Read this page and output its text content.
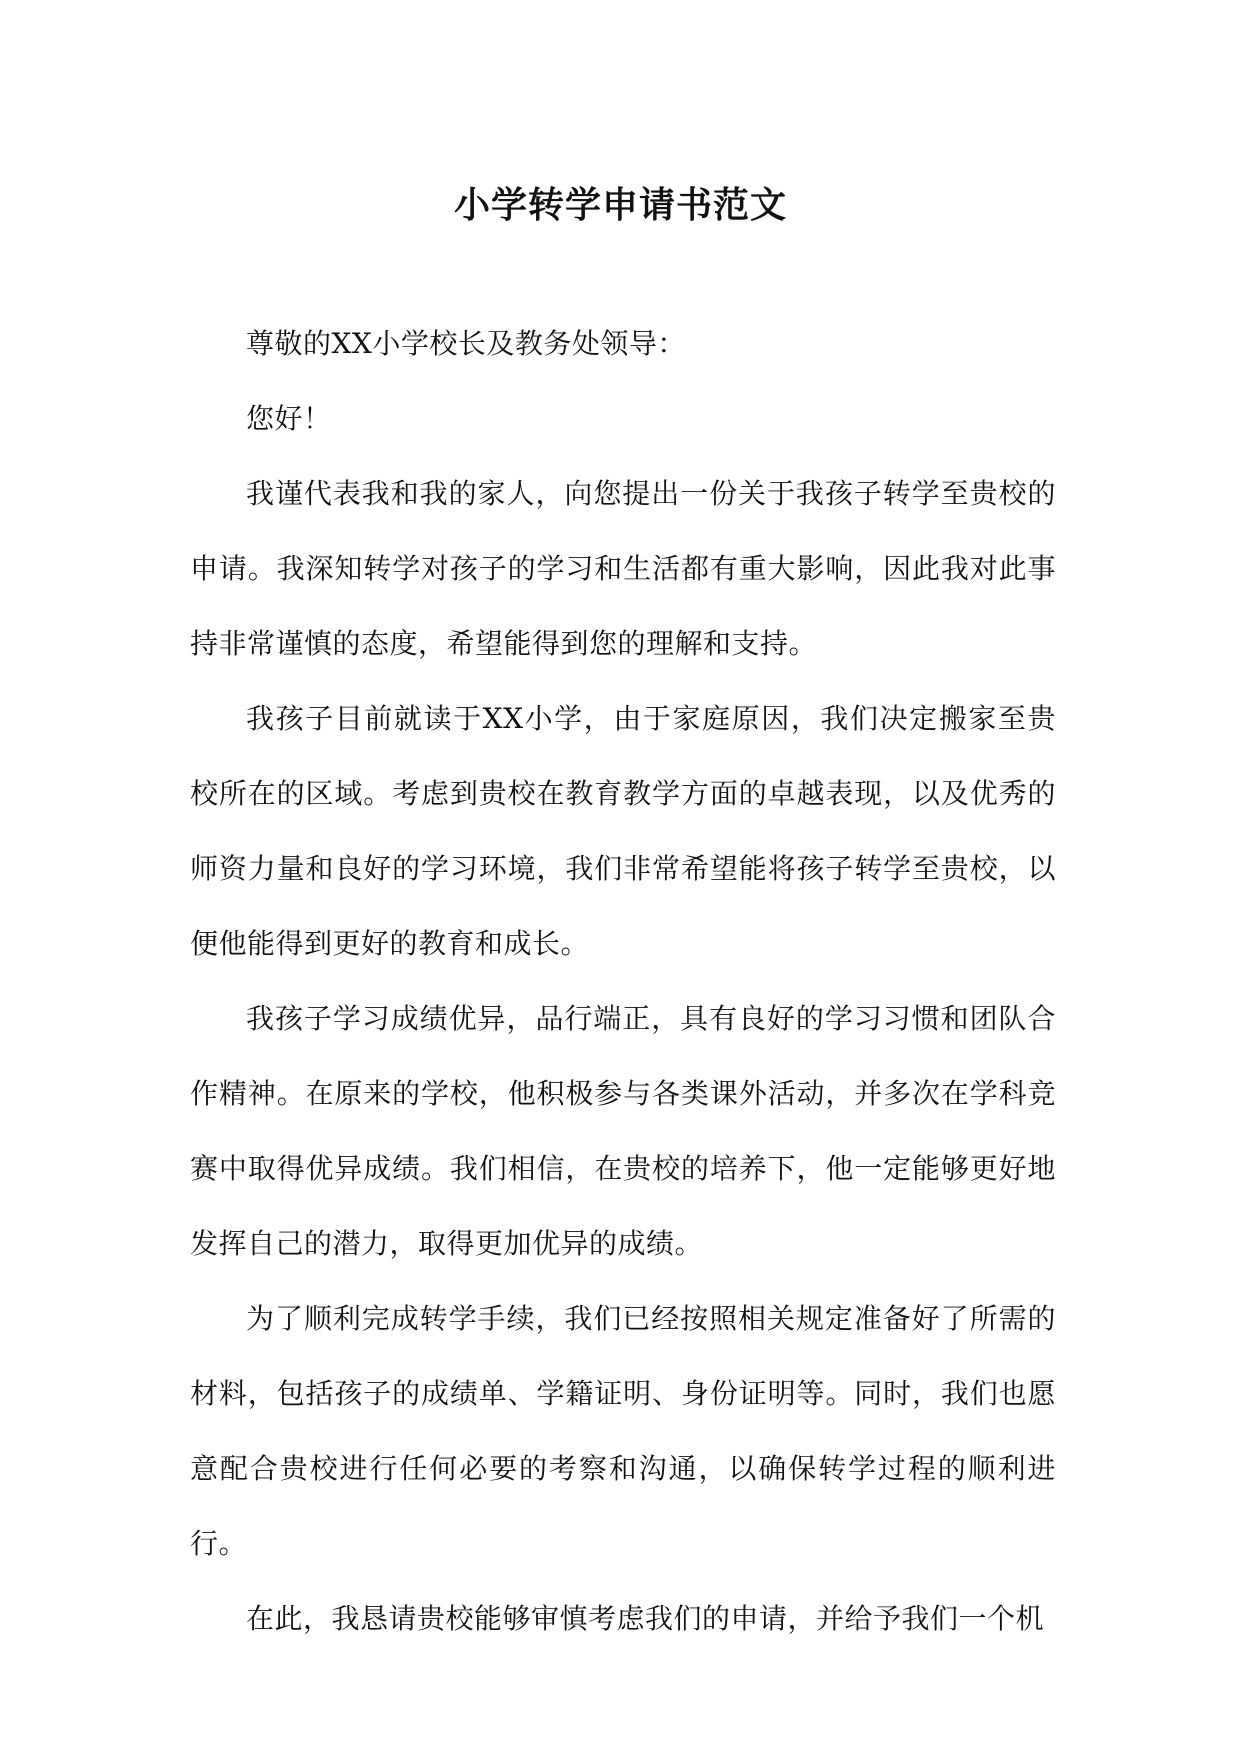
小学转学申请书范文

尊敬的XX小学校长及教务处领导：

您好！

我谨代表我和我的家人，向您提出一份关于我孩子转学至贵校的申请。我深知转学对孩子的学习和生活都有重大影响，因此我对此事持非常谨慎的态度，希望能得到您的理解和支持。

我孩子目前就读于XX小学，由于家庭原因，我们决定搬家至贵校所在的区域。考虑到贵校在教育教学方面的卓越表现，以及优秀的师资力量和良好的学习环境，我们非常希望能将孩子转学至贵校，以便他能得到更好的教育和成长。

我孩子学习成绩优异，品行端正，具有良好的学习习惯和团队合作精神。在原来的学校，他积极参与各类课外活动，并多次在学科竞赛中取得优异成绩。我们相信，在贵校的培养下，他一定能够更好地发挥自己的潜力，取得更加优异的成绩。

为了顺利完成转学手续，我们已经按照相关规定准备好了所需的材料，包括孩子的成绩单、学籍证明、身份证明等。同时，我们也愿意配合贵校进行任何必要的考察和沟通，以确保转学过程的顺利进行。

在此，我恳请贵校能够审慎考虑我们的申请，并给予我们一个机
